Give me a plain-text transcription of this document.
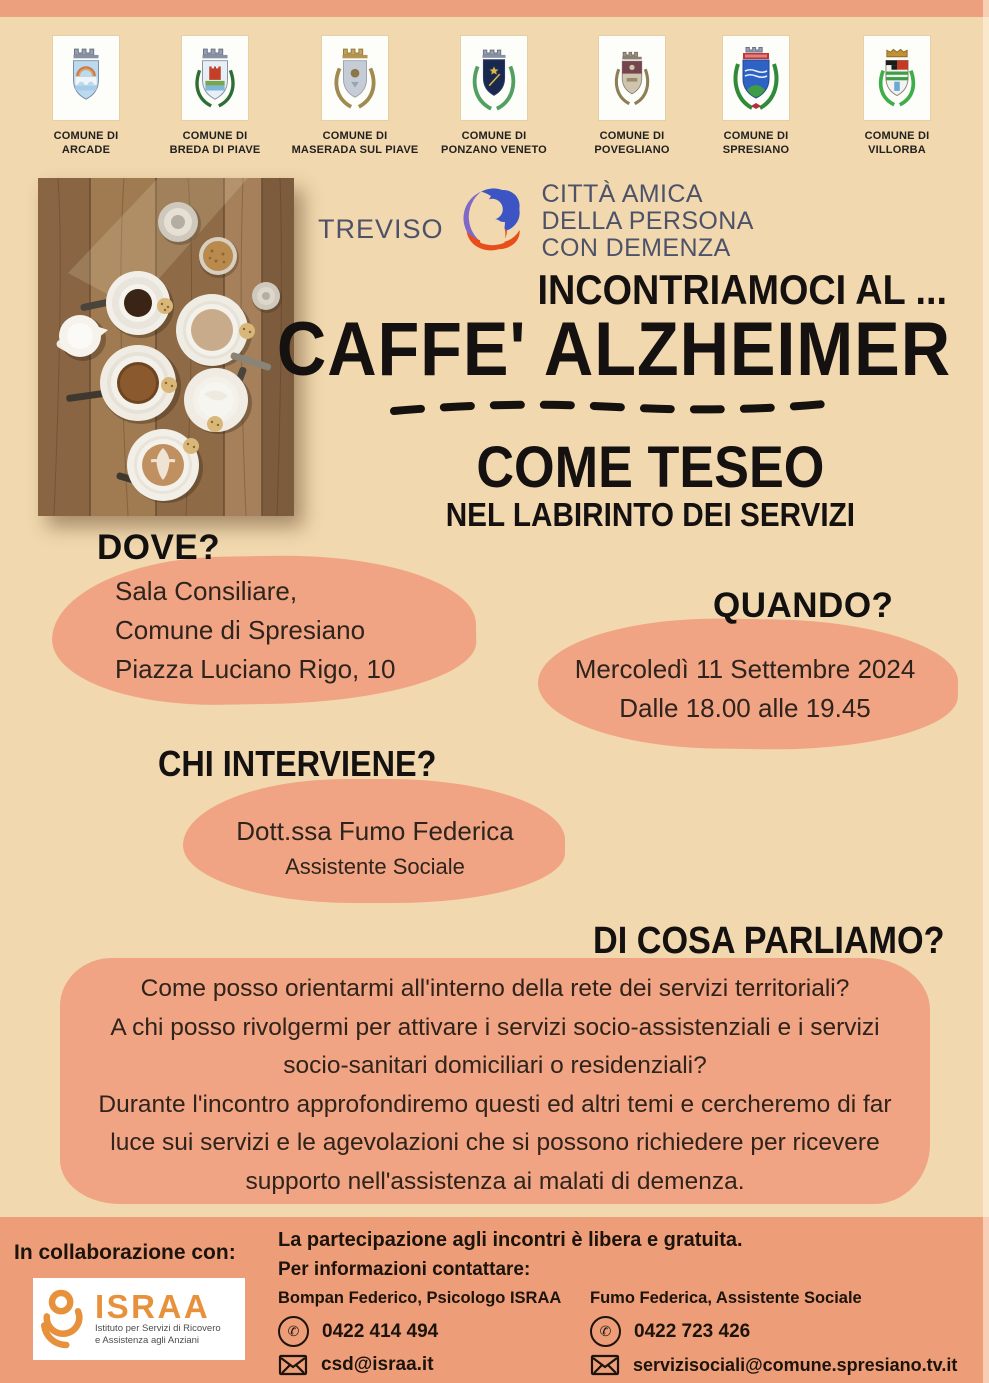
COMUNE DI
ARCADE
COMUNE DI
BREDA DI PIAVE
COMUNE DI
MASERADA SUL PIAVE
COMUNE DI
PONZANO VENETO
COMUNE DI
POVEGLIANO
COMUNE DI
SPRESIANO
COMUNE DI
VILLORBA
TREVISO
CITTÀ AMICA
DELLA PERSONA
CON DEMENZA
INCONTRIAMOCI AL ...
CAFFE' ALZHEIMER
COME TESEO
NEL LABIRINTO DEI SERVIZI
DOVE?
Sala Consiliare,
Comune di Spresiano
Piazza Luciano Rigo, 10
QUANDO?
Mercoledì 11 Settembre 2024
Dalle 18.00 alle 19.45
CHI INTERVIENE?
Dott.ssa Fumo Federica
Assistente Sociale
DI COSA PARLIAMO?
Come posso orientarmi all'interno della rete dei servizi territoriali?
A chi posso rivolgermi per attivare i servizi socio-assistenziali e i servizi socio-sanitari domiciliari o residenziali?
Durante l'incontro approfondiremo questi ed altri temi e cercheremo di far luce sui servizi e le agevolazioni che si possono richiedere per ricevere supporto nell'assistenza ai malati di demenza.
In collaborazione con:
ISRAA
Istituto per Servizi di Ricovero
e Assistenza agli Anziani
La partecipazione agli incontri è libera e gratuita.
Per informazioni contattare:
Bompan Federico, Psicologo ISRAA
✆	0422 414 494
csd@israa.it
Fumo Federica, Assistente Sociale
✆	0422 723 426
servizisociali@comune.spresiano.tv.it
